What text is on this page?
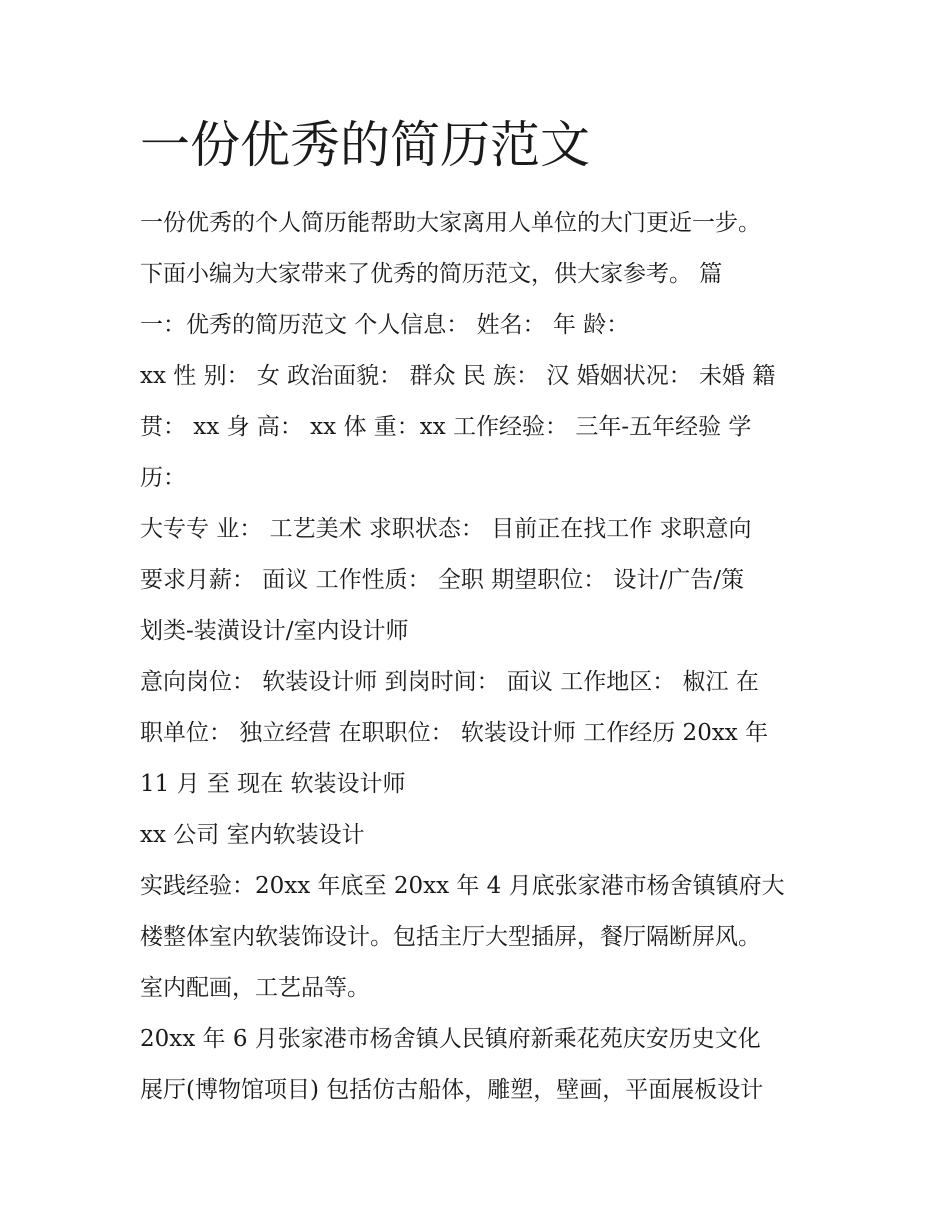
一份优秀的简历范文
一份优秀的个人简历能帮助大家离用人单位的大门更近一步。
下面小编为大家带来了优秀的简历范文，供大家参考。 篇
一：优秀的简历范文 个人信息： 姓名： 年 龄：
xx 性 别： 女 政治面貌： 群众 民 族： 汉 婚姻状况： 未婚 籍
贯： xx 身 高： xx 体 重：xx 工作经验： 三年-五年经验 学
历：
大专专 业： 工艺美术 求职状态： 目前正在找工作 求职意向
要求月薪： 面议 工作性质： 全职 期望职位： 设计/广告/策
划类-装潢设计/室内设计师
意向岗位： 软装设计师 到岗时间： 面议 工作地区： 椒江 在
职单位： 独立经营 在职职位： 软装设计师 工作经历 20xx 年
11 月 至 现在 软装设计师
xx 公司 室内软装设计
实践经验：20xx 年底至 20xx 年 4 月底张家港市杨舍镇镇府大
楼整体室内软装饰设计。包括主厅大型插屏，餐厅隔断屏风。
室内配画，工艺品等。
20xx 年 6 月张家港市杨舍镇人民镇府新乘花苑庆安历史文化
展厅(博物馆项目) 包括仿古船体，雕塑，壁画，平面展板设计
